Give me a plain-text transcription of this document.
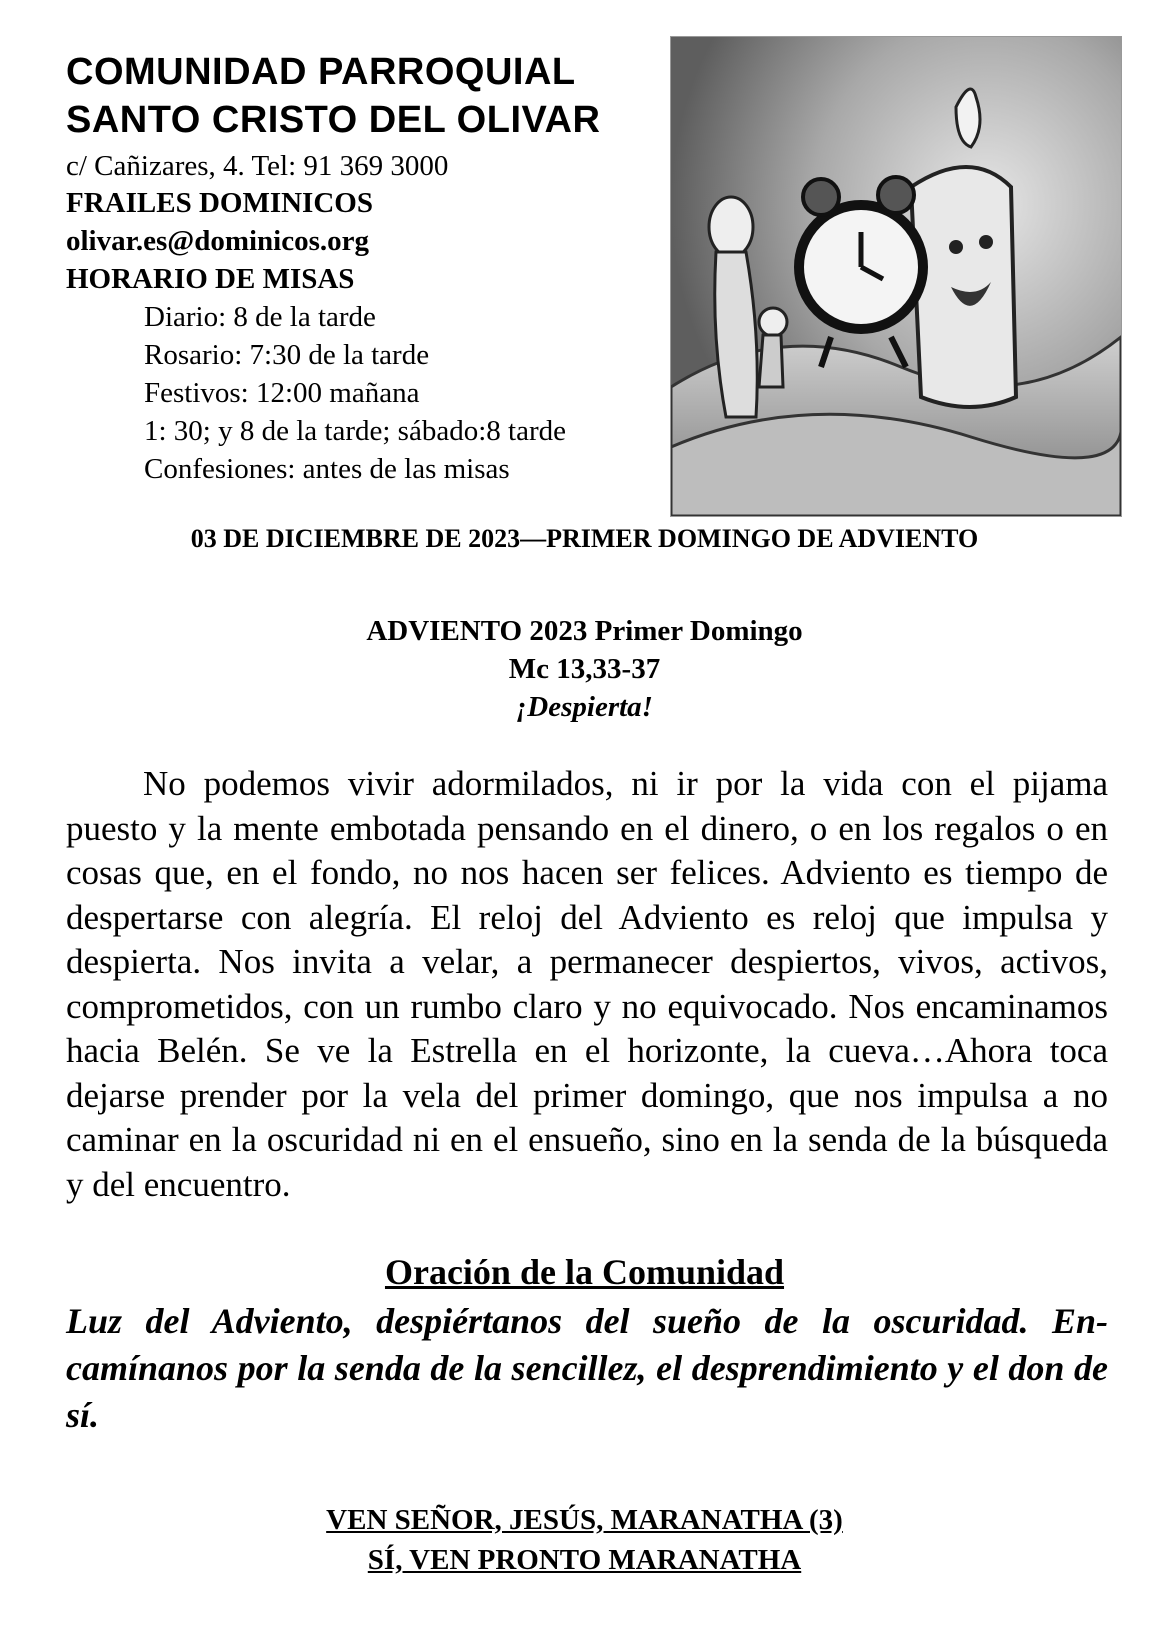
COMUNIDAD PARROQUIAL
SANTO CRISTO DEL OLIVAR
c/ Cañizares, 4. Tel: 91 369 3000
FRAILES DOMINICOS
olivar.es@dominicos.org
HORARIO DE MISAS
Diario: 8 de la tarde
Rosario: 7:30 de la tarde
Festivos: 12:00 mañana
1: 30; y 8 de la tarde; sábado:8 tarde
Confesiones: antes de las misas
03 DE DICIEMBRE DE 2023—PRIMER DOMINGO DE ADVIENTO
ADVIENTO 2023 Primer Domingo
Mc 13,33-37
¡Despierta!

No podemos vivir adormilados, ni ir por la vida con el pijama puesto y la mente embotada pensando en el dinero, o en los regalos o en cosas que, en el fondo, no nos hacen ser felices. Adviento es tiempo de despertarse con alegría. El reloj del Adviento es reloj que impulsa y despierta. Nos invita a velar, a permanecer despiertos, vivos, activos, comprometidos, con un rumbo claro y no equivocado. Nos encaminamos hacia Belén. Se ve la Estrella en el horizonte, la cueva…Ahora toca dejarse prender por la vela del primer domingo, que nos impulsa a no caminar en la oscuridad ni en el ensueño, sino en la senda de la búsqueda y del encuentro.

Oración de la Comunidad

Luz del Adviento, despiértanos del sueño de la oscuridad. Encamínanos por la senda de la sencillez, el desprendimiento y el don de sí.

VEN SEÑOR, JESÚS, MARANATHA (3)
SÍ, VEN PRONTO MARANATHA
